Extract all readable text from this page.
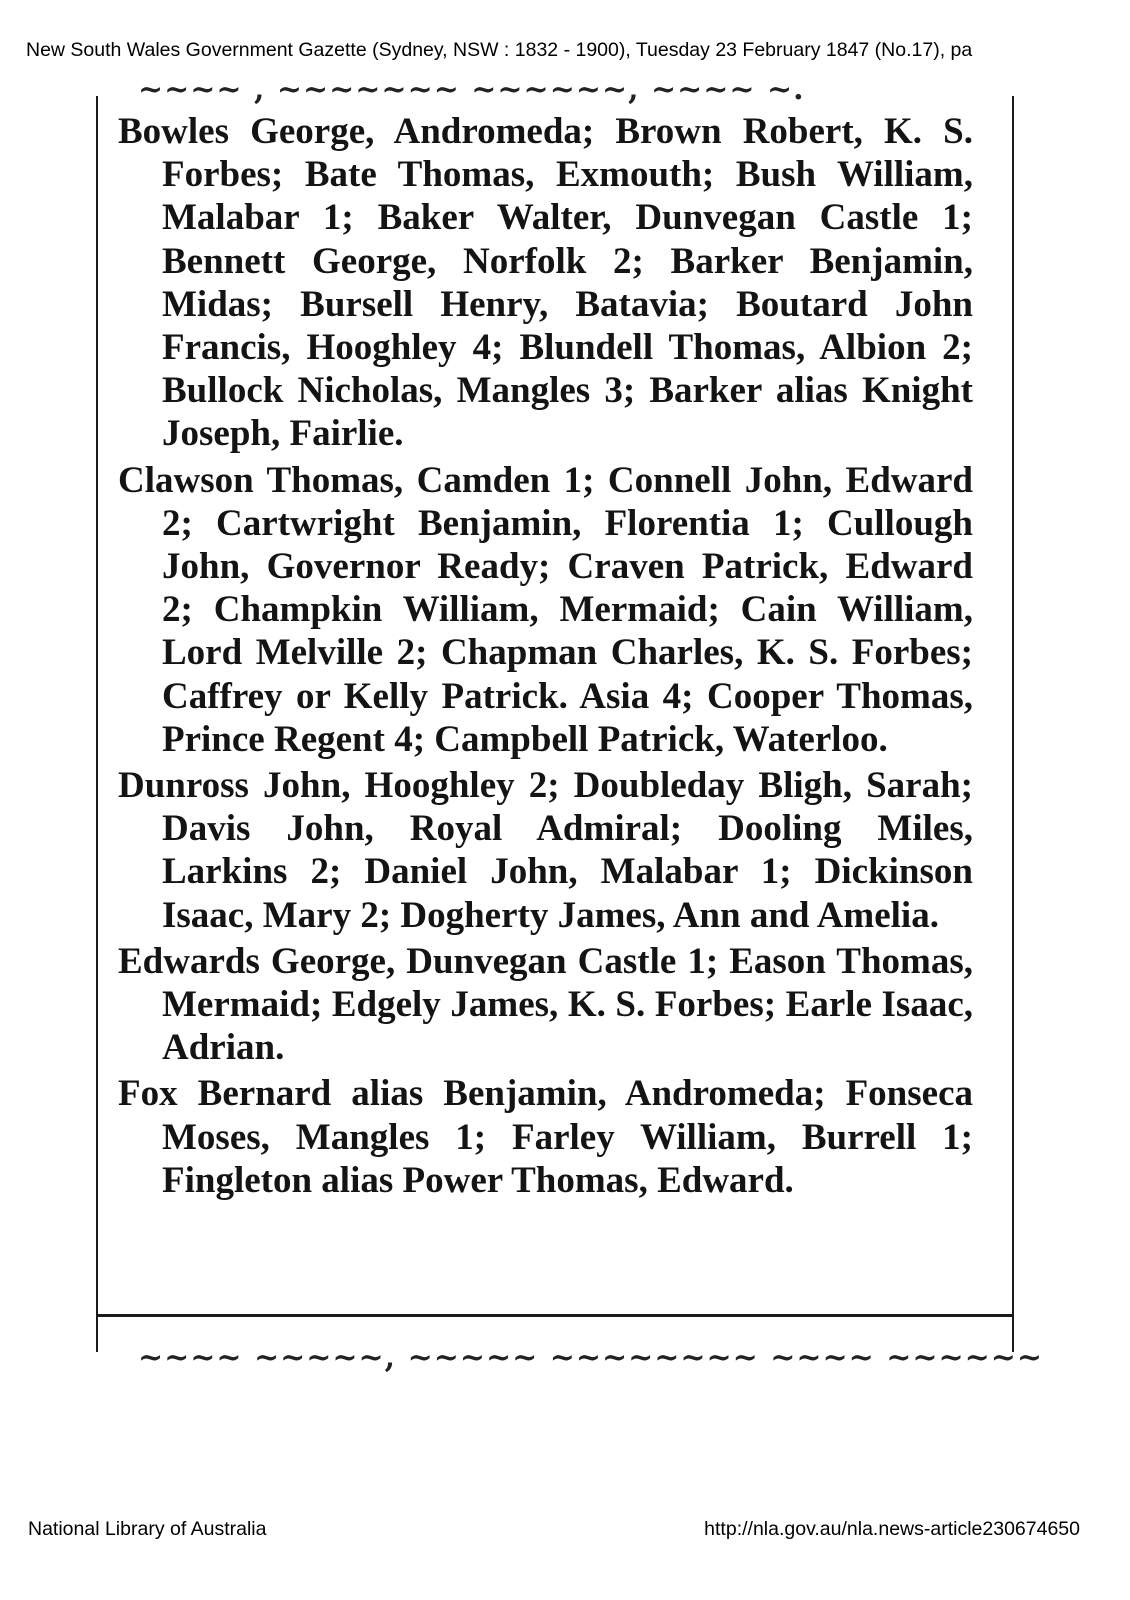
New South Wales Government Gazette (Sydney, NSW : 1832 - 1900), Tuesday 23 February 1847 (No.17), pa
~~~~ , ~~~~~~~ ~~~~~~, ~~~~ ~.

Bowles George, Andromeda; Brown Robert, K. S. Forbes; Bate Thomas, Exmouth; Bush William, Malabar 1; Baker Walter, Dunvegan Castle 1; Bennett George, Norfolk 2; Barker Benjamin, Midas; Bursell Henry, Batavia; Boutard John Francis, Hooghley 4; Blundell Thomas, Albion 2; Bullock Nicholas, Mangles 3; Barker alias Knight Joseph, Fairlie.

Clawson Thomas, Camden 1; Connell John, Edward 2; Cartwright Benjamin, Florentia 1; Cullough John, Governor Ready; Craven Patrick, Edward 2; Champkin William, Mermaid; Cain William, Lord Melville 2; Chapman Charles, K. S. Forbes; Caffrey or Kelly Patrick. Asia 4; Cooper Thomas, Prince Regent 4; Campbell Patrick, Waterloo.

Dunross John, Hooghley 2; Doubleday Bligh, Sarah; Davis John, Royal Admiral; Dooling Miles, Larkins 2; Daniel John, Malabar 1; Dickinson Isaac, Mary 2; Dogherty James, Ann and Amelia.

Edwards George, Dunvegan Castle 1; Eason Thomas, Mermaid; Edgely James, K. S. Forbes; Earle Isaac, Adrian.

Fox Bernard alias Benjamin, Andromeda; Fonseca Moses, Mangles 1; Farley William, Burrell 1; Fingleton alias Power Thomas, Edward.

~~~~ ~~~~~, ~~~~~ ~~~~~~~~ ~~~~ ~~~~~~
National Library of Australia	http://nla.gov.au/nla.news-article230674650
